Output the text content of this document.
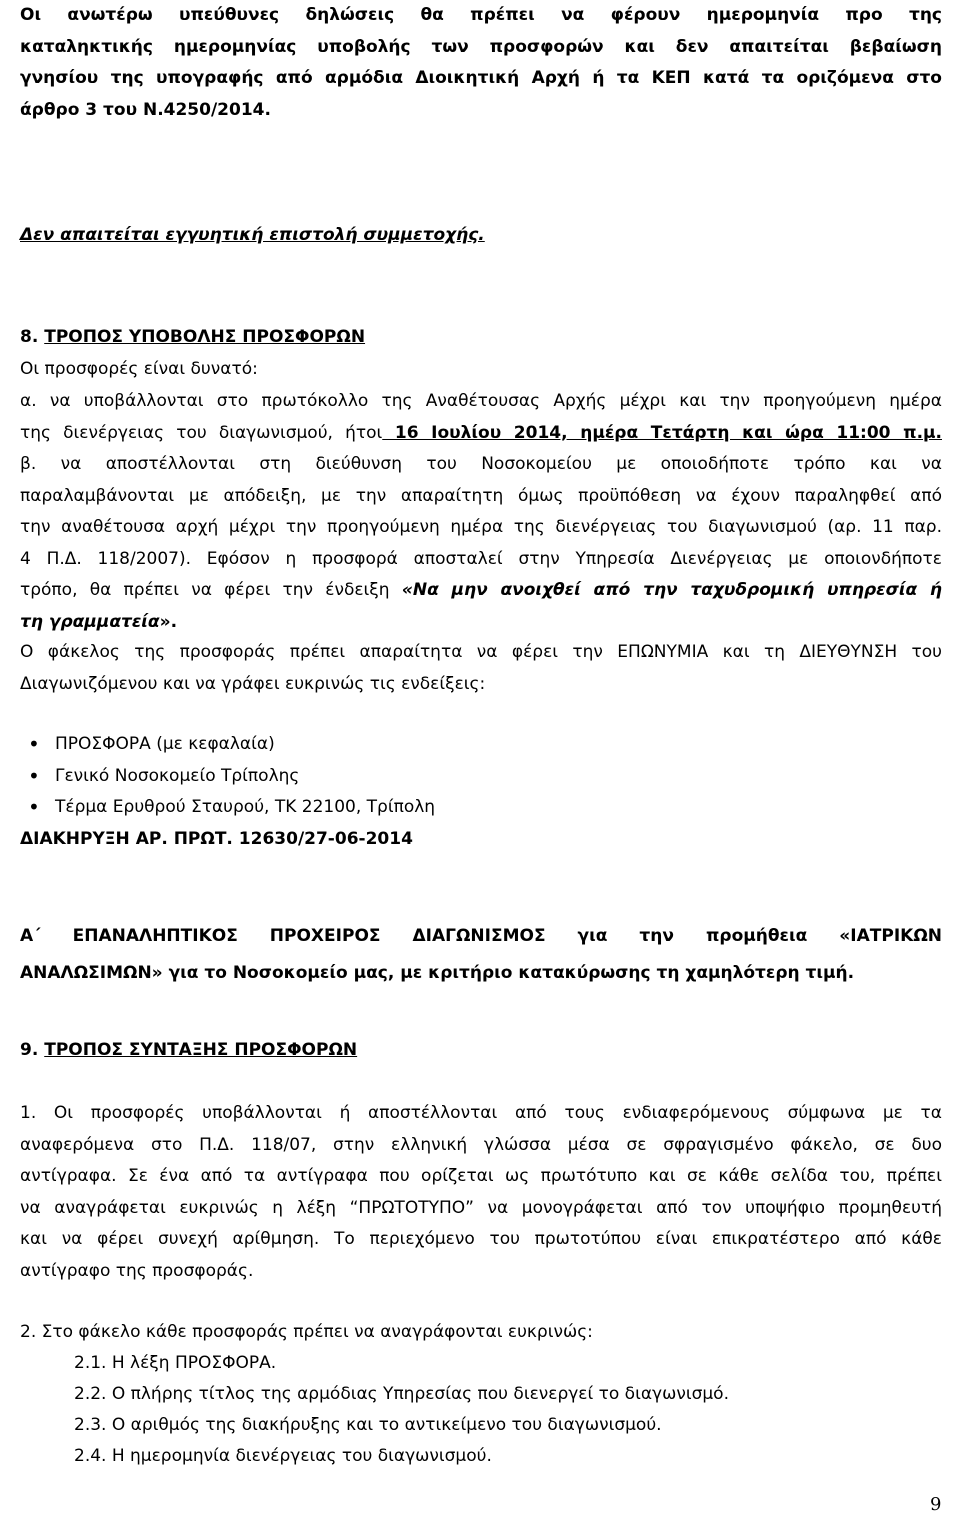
Οι ανωτέρω υπεύθυνες δηλώσεις θα πρέπει να φέρουν ημερομηνία προ της
καταληκτικής ημερομηνίας υποβολής των προσφορών και δεν απαιτείται βεβαίωση
γνησίου της υπογραφής από αρμόδια Διοικητική Αρχή ή τα ΚΕΠ κατά τα οριζόμενα στο
άρθρο 3 του Ν.4250/2014.
Δεν απαιτείται εγγυητική επιστολή συμμετοχής.
8. ΤΡΟΠΟΣ ΥΠΟΒΟΛΗΣ ΠΡΟΣΦΟΡΩΝ
Οι προσφορές είναι δυνατό:
α. να υποβάλλονται στο πρωτόκολλο της Αναθέτουσας Αρχής μέχρι και την προηγούμενη ημέρα
της διενέργειας του διαγωνισμού, ήτοι 16 Ιουλίου 2014, ημέρα Τετάρτη και ώρα 11:00 π.μ.
β. να αποστέλλονται στη διεύθυνση του Νοσοκομείου με οποιοδήποτε τρόπο και να
παραλαμβάνονται με απόδειξη, με την απαραίτητη όμως προϋπόθεση να έχουν παραληφθεί από
την αναθέτουσα αρχή μέχρι την προηγούμενη ημέρα της διενέργειας του διαγωνισμού (αρ. 11 παρ.
4 Π.Δ. 118/2007). Εφόσον η προσφορά αποσταλεί στην Υπηρεσία Διενέργειας με οποιονδήποτε
τρόπο, θα πρέπει να φέρει την ένδειξη «Να μην ανοιχθεί από την ταχυδρομική υπηρεσία ή
τη γραμματεία».
Ο φάκελος της προσφοράς πρέπει απαραίτητα να φέρει την ΕΠΩΝΥΜΙΑ και τη ΔΙΕΥΘΥΝΣΗ του
Διαγωνιζόμενου και να γράφει ευκρινώς τις ενδείξεις:
• ΠΡΟΣΦΟΡΑ (με κεφαλαία)
• Γενικό Νοσοκομείο Τρίπολης
• Τέρμα Ερυθρού Σταυρού, ΤΚ 22100, Τρίπολη
ΔΙΑΚΗΡΥΞΗ ΑΡ. ΠΡΩΤ. 12630/27-06-2014
Α΄ ΕΠΑΝΑΛΗΠΤΙΚΟΣ ΠΡΟΧΕΙΡΟΣ ΔΙΑΓΩΝΙΣΜΟΣ για την προμήθεια «ΙΑΤΡΙΚΩΝ
ΑΝΑΛΩΣΙΜΩΝ» για το Νοσοκομείο μας, με κριτήριο κατακύρωσης τη χαμηλότερη τιμή.
9. ΤΡΟΠΟΣ ΣΥΝΤΑΞΗΣ ΠΡΟΣΦΟΡΩΝ
1. Οι προσφορές υποβάλλονται ή αποστέλλονται από τους ενδιαφερόμενους σύμφωνα με τα
αναφερόμενα στο Π.Δ. 118/07, στην ελληνική γλώσσα μέσα σε σφραγισμένο φάκελο, σε δυο
αντίγραφα. Σε ένα από τα αντίγραφα που ορίζεται ως πρωτότυπο και σε κάθε σελίδα του, πρέπει
να αναγράφεται ευκρινώς η λέξη “ΠΡΩΤΟΤΥΠΟ” να μονογράφεται από τον υποψήφιο προμηθευτή
και να φέρει συνεχή αρίθμηση. Το περιεχόμενο του πρωτοτύπου είναι επικρατέστερο από κάθε
αντίγραφο της προσφοράς.
2. Στο φάκελο κάθε προσφοράς πρέπει να αναγράφονται ευκρινώς:
2.1. Η λέξη ΠΡΟΣΦΟΡΑ.
2.2. Ο πλήρης τίτλος της αρμόδιας Υπηρεσίας που διενεργεί το διαγωνισμό.
2.3. Ο αριθμός της διακήρυξης και το αντικείμενο του διαγωνισμού.
2.4. Η ημερομηνία διενέργειας του διαγωνισμού.
9
